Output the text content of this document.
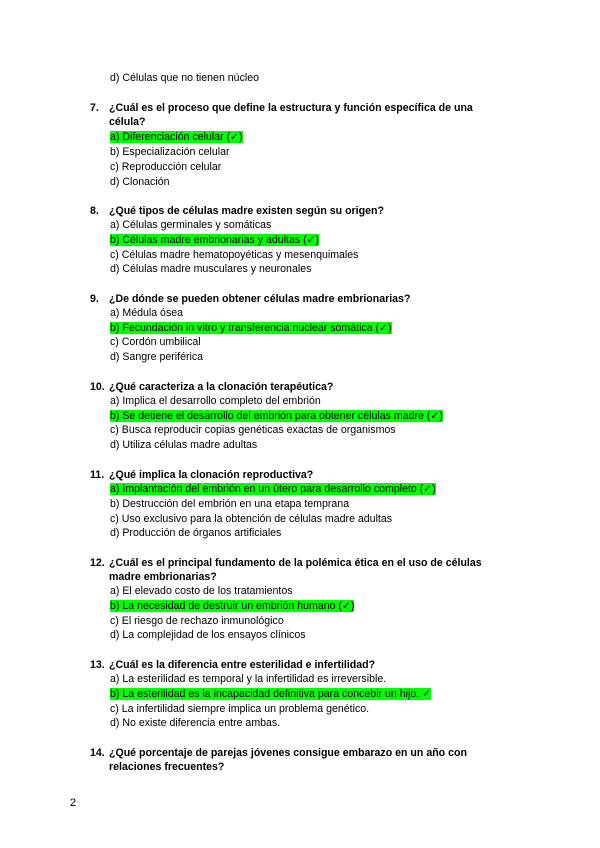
d) Células que no tienen núcleo
7. ¿Cuál es el proceso que define la estructura y función específica de una célula?
a) Diferenciación celular (✓)
b) Especialización celular
c) Reproducción celular
d) Clonación
8. ¿Qué tipos de células madre existen según su origen?
a) Células germinales y somáticas
b) Células madre embrionarias y adultas (✓)
c) Células madre hematopoyéticas y mesenquimales
d) Células madre musculares y neuronales
9. ¿De dónde se pueden obtener células madre embrionarias?
a) Médula ósea
b) Fecundación in vitro y transferencia nuclear somática (✓)
c) Cordón umbilical
d) Sangre periférica
10. ¿Qué caracteriza a la clonación terapéutica?
a) Implica el desarrollo completo del embrión
b) Se detiene el desarrollo del embrión para obtener células madre (✓)
c) Busca reproducir copias genéticas exactas de organismos
d) Utiliza células madre adultas
11. ¿Qué implica la clonación reproductiva?
a) Implantación del embrión en un útero para desarrollo completo (✓)
b) Destrucción del embrión en una etapa temprana
c) Uso exclusivo para la obtención de células madre adultas
d) Producción de órganos artificiales
12. ¿Cuál es el principal fundamento de la polémica ética en el uso de células madre embrionarias?
a) El elevado costo de los tratamientos
b) La necesidad de destruir un embrión humano (✓)
c) El riesgo de rechazo inmunológico
d) La complejidad de los ensayos clínicos
13. ¿Cuál es la diferencia entre esterilidad e infertilidad?
a) La esterilidad es temporal y la infertilidad es irreversible.
b) La esterilidad es la incapacidad definitiva para concebir un hijo. ✓
c) La infertilidad siempre implica un problema genético.
d) No existe diferencia entre ambas.
14. ¿Qué porcentaje de parejas jóvenes consigue embarazo en un año con relaciones frecuentes?
2
